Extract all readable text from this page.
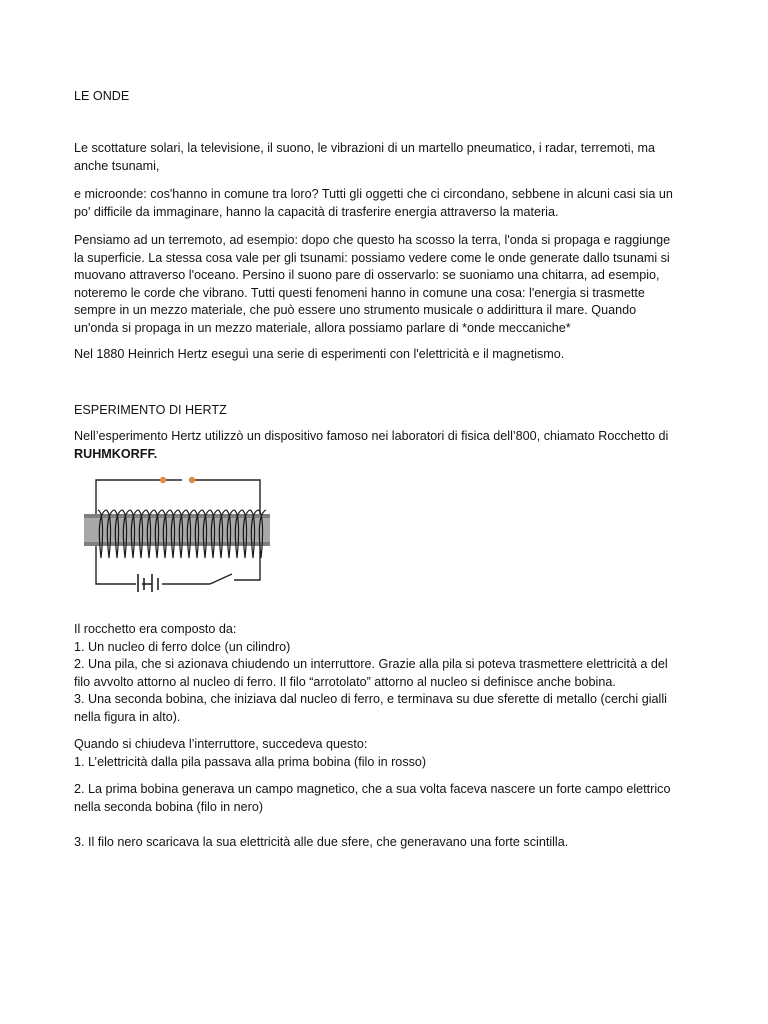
LE ONDE
Le scottature solari, la televisione, il suono, le vibrazioni di un martello pneumatico, i radar, terremoti, ma
anche tsunami,
e microonde: cos'hanno in comune tra loro? Tutti gli oggetti che ci circondano, sebbene in alcuni casi sia un
po' difficile da immaginare, hanno la capacità di trasferire energia attraverso la materia.
Pensiamo ad un terremoto, ad esempio: dopo che questo ha scosso la terra, l'onda si propaga e raggiunge
la superficie. La stessa cosa vale per gli tsunami: possiamo vedere come le onde generate dallo tsunami si
muovano attraverso l'oceano. Persino il suono pare di osservarlo: se suoniamo una chitarra, ad esempio,
noteremo le corde che vibrano. Tutti questi fenomeni hanno in comune una cosa: l'energia si trasmette
sempre in un mezzo materiale, che può essere uno strumento musicale o addirittura il mare. Quando
un'onda si propaga in un mezzo materiale, allora possiamo parlare di *onde meccaniche*
Nel 1880 Heinrich Hertz eseguì una serie di esperimenti con l'elettricità e il magnetismo.
ESPERIMENTO DI HERTZ
Nell’esperimento Hertz utilizzò un dispositivo famoso nei laboratori di fisica dell’800, chiamato Rocchetto di
RUHMKORFF.
Il rocchetto era composto da:
1. Un nucleo di ferro dolce (un cilindro)
2. Una pila, che si azionava chiudendo un interruttore. Grazie alla pila si poteva trasmettere elettricità a del
filo avvolto attorno al nucleo di ferro. Il filo “arrotolato” attorno al nucleo si definisce anche bobina.
3. Una seconda bobina, che iniziava dal nucleo di ferro, e terminava su due sferette di metallo (cerchi gialli
nella figura in alto).
Quando si chiudeva l’interruttore, succedeva questo:
1. L’elettricità dalla pila passava alla prima bobina (filo in rosso)
2. La prima bobina generava un campo magnetico, che a sua volta faceva nascere un forte campo elettrico
nella seconda bobina (filo in nero)
3. Il filo nero scaricava la sua elettricità alle due sfere, che generavano una forte scintilla.
